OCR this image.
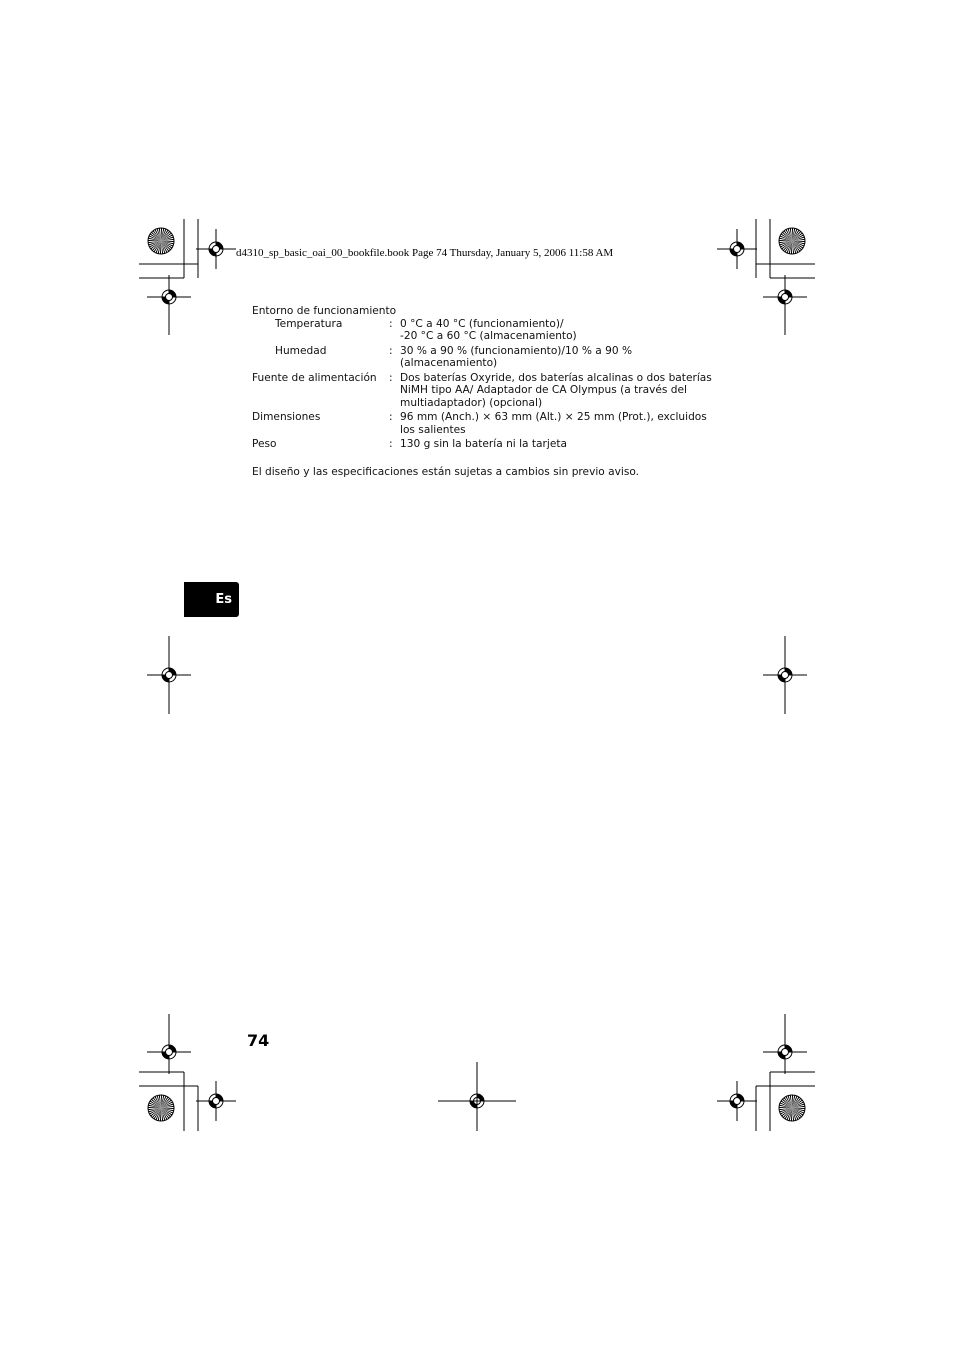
d4310_sp_basic_oai_00_bookfile.book Page 74 Thursday, January 5, 2006 11:58 AM
Entorno de funcionamiento
Temperatura	: 0 °C a 40 °C (funcionamiento)/
-20 °C a 60 °C (almacenamiento)
Humedad	: 30 % a 90 % (funcionamiento)/10 % a 90 %
(almacenamiento)
Fuente de alimentación	: Dos baterías Oxyride, dos baterías alcalinas o dos baterías
NiMH tipo AA/ Adaptador de CA Olympus (a través del
multiadaptador) (opcional)
Dimensiones	: 96 mm (Anch.) × 63 mm (Alt.) × 25 mm (Prot.), excluidos
los salientes
Peso	: 130 g sin la batería ni la tarjeta
El diseño y las especificaciones están sujetas a cambios sin previo aviso.
Es
74
